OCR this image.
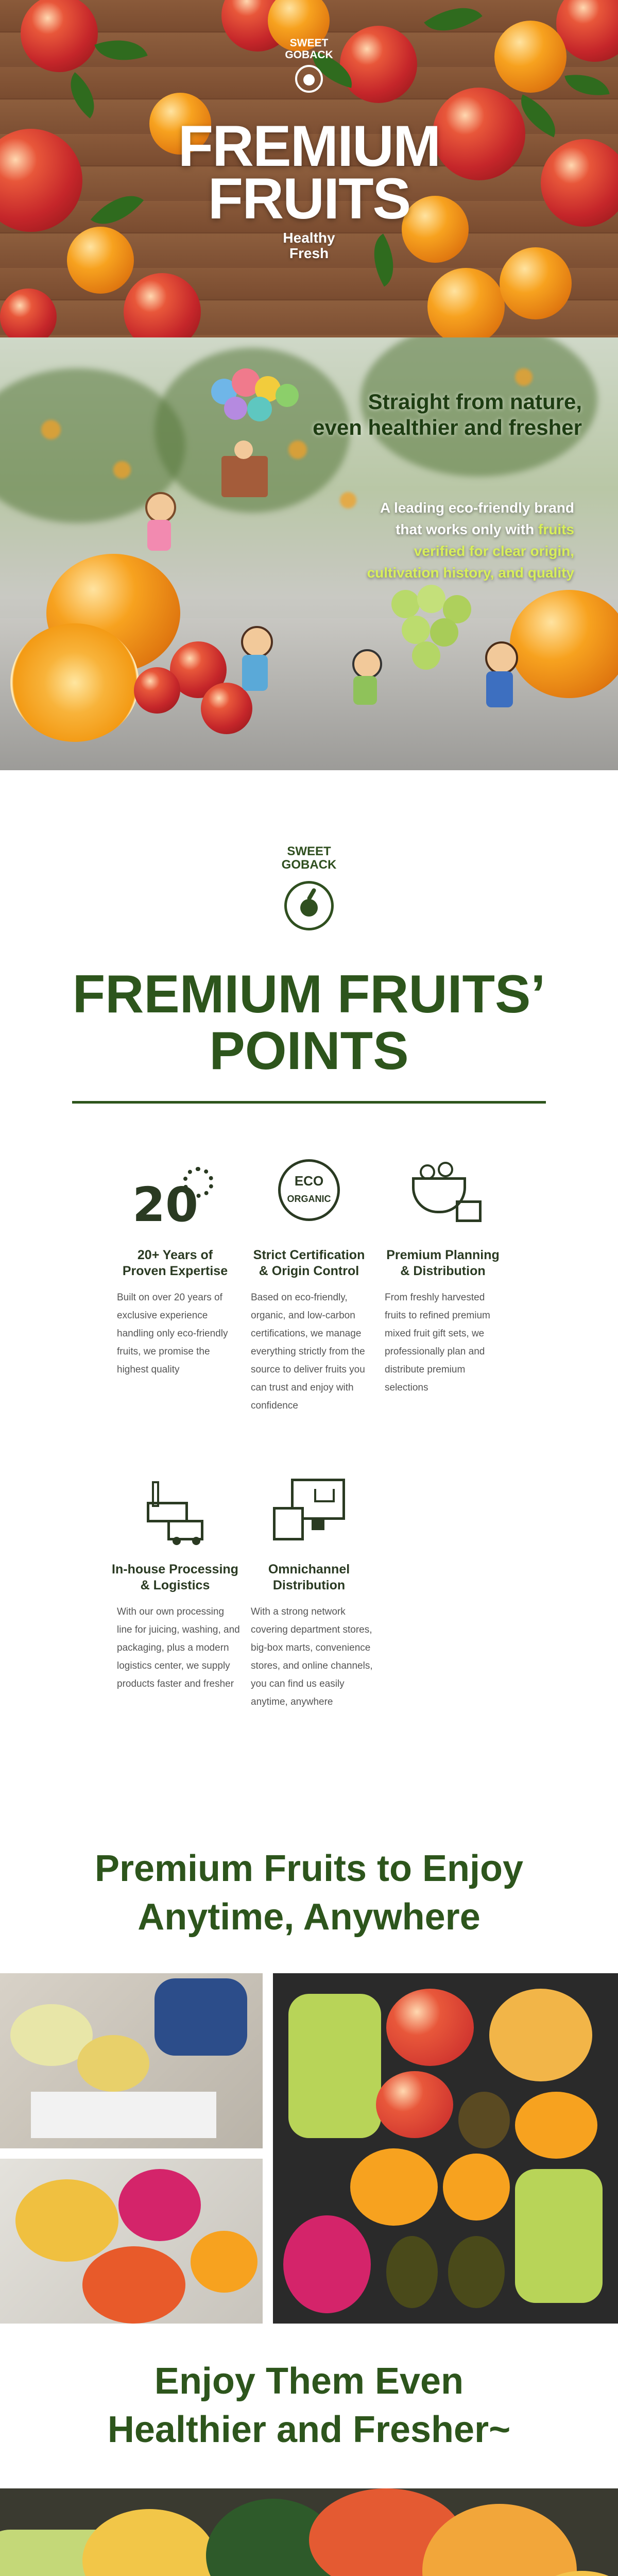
SWEET
GOBACK
FREMIUM
FRUITS
Healthy
Fresh
Straight from nature,
even healthier and fresher
A leading eco-friendly brand
that works only with fruits
verified for clear origin,
cultivation history, and quality
SWEET
GOBACK
FREMIUM FRUITS’
POINTS
20
20+ Years of
Proven Expertise

Built on over 20 years of exclusive experience handling only eco-friendly fruits, we promise the highest quality

ECO
ORGANIC
Strict Certification
& Origin Control

Based on eco-friendly, organic, and low-carbon certifications, we manage everything strictly from the source to deliver fruits you can trust and enjoy with confidence

Premium Planning
& Distribution

From freshly harvested fruits to refined premium mixed fruit gift sets, we professionally plan and distribute premium selections

In-house Processing
& Logistics

With our own processing line for juicing, washing, and packaging, plus a modern logistics center, we supply products faster and fresher

Omnichannel
Distribution

With a strong network covering department stores, big-box marts, convenience stores, and online channels, you can find us easily anytime, anywhere

Premium Fruits to Enjoy
Anytime, Anywhere
Enjoy Them Even
Healthier and Fresher~
